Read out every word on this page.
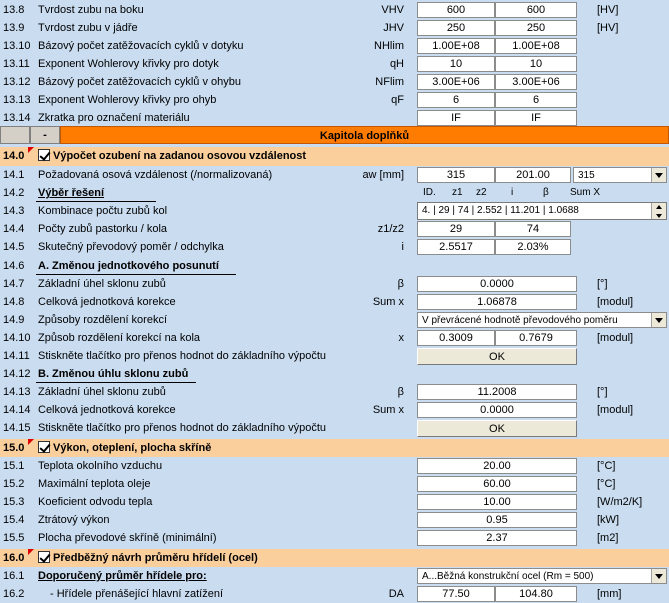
13.8	Tvrdost zubu na boku	VHV	600	600	[HV]
13.9	Tvrdost zubu v jádře	JHV	250	250	[HV]
13.10 Bázový počet zatěžovacích cyklů v dotyku	NHlim	1.00E+08	1.00E+08
13.11 Exponent Wohlerovy křivky pro dotyk	qH	10	10
13.12 Bázový počet zatěžovacích cyklů v ohybu	NFlim	3.00E+06	3.00E+06
13.13 Exponent Wohlerovy křivky pro ohyb	qF	6	6
13.14 Zkratka pro označení materiálu	IF	IF
-	Kapitola doplňků
14.0	Výpočet ozubení na zadanou osovou vzdálenost
14.1	Požadovaná osová vzdálenost (/normalizovaná)	aw [mm]	315	201.00	315
14.2	Výběr řešení	ID.	z1	z2	i	β	Sum X
14.3	Kombinace počtu zubů kol	4. | 29 | 74 | 2.552 | 11.201 | 1.0688
14.4	Počty zubů pastorku / kola	z1/z2	29	74
14.5	Skutečný převodový poměr / odchylka	i	2.5517	2.03%
14.6	A. Změnou jednotkového posunutí
14.7	Základní úhel sklonu zubů	β	0.0000	[°]
14.8	Celková jednotková korekce	Sum x	1.06878	[modul]
14.9	Způsoby rozdělení korekcí	V převrácené hodnotě převodového poměru
14.10 Způsob rozdělení korekcí na kola	x	0.3009	0.7679	[modul]
14.11 Stiskněte tlačítko pro přenos hodnot do základního výpočtu	OK
14.12 B. Změnou úhlu sklonu zubů
14.13 Základní úhel sklonu zubů	β	11.2008	[°]
14.14 Celková jednotková korekce	Sum x	0.0000	[modul]
14.15 Stiskněte tlačítko pro přenos hodnot do základního výpočtu	OK
15.0	Výkon, oteplení, plocha skříně
15.1	Teplota okolního vzduchu	20.00	[°C]
15.2	Maximální teplota oleje	60.00	[°C]
15.3	Koeficient odvodu tepla	10.00	[W/m2/K]
15.4	Ztrátový výkon	0.95	[kW]
15.5	Plocha převodové skříně (minimální)	2.37	[m2]
16.0	Předběžný návrh průměru hřídelí (ocel)
16.1	Doporučený průměr hřídele pro:	A...Běžná konstrukční ocel (Rm = 500)
16.2	- Hřídele přenášející hlavní zatížení	DA	77.50	104.80	[mm]
